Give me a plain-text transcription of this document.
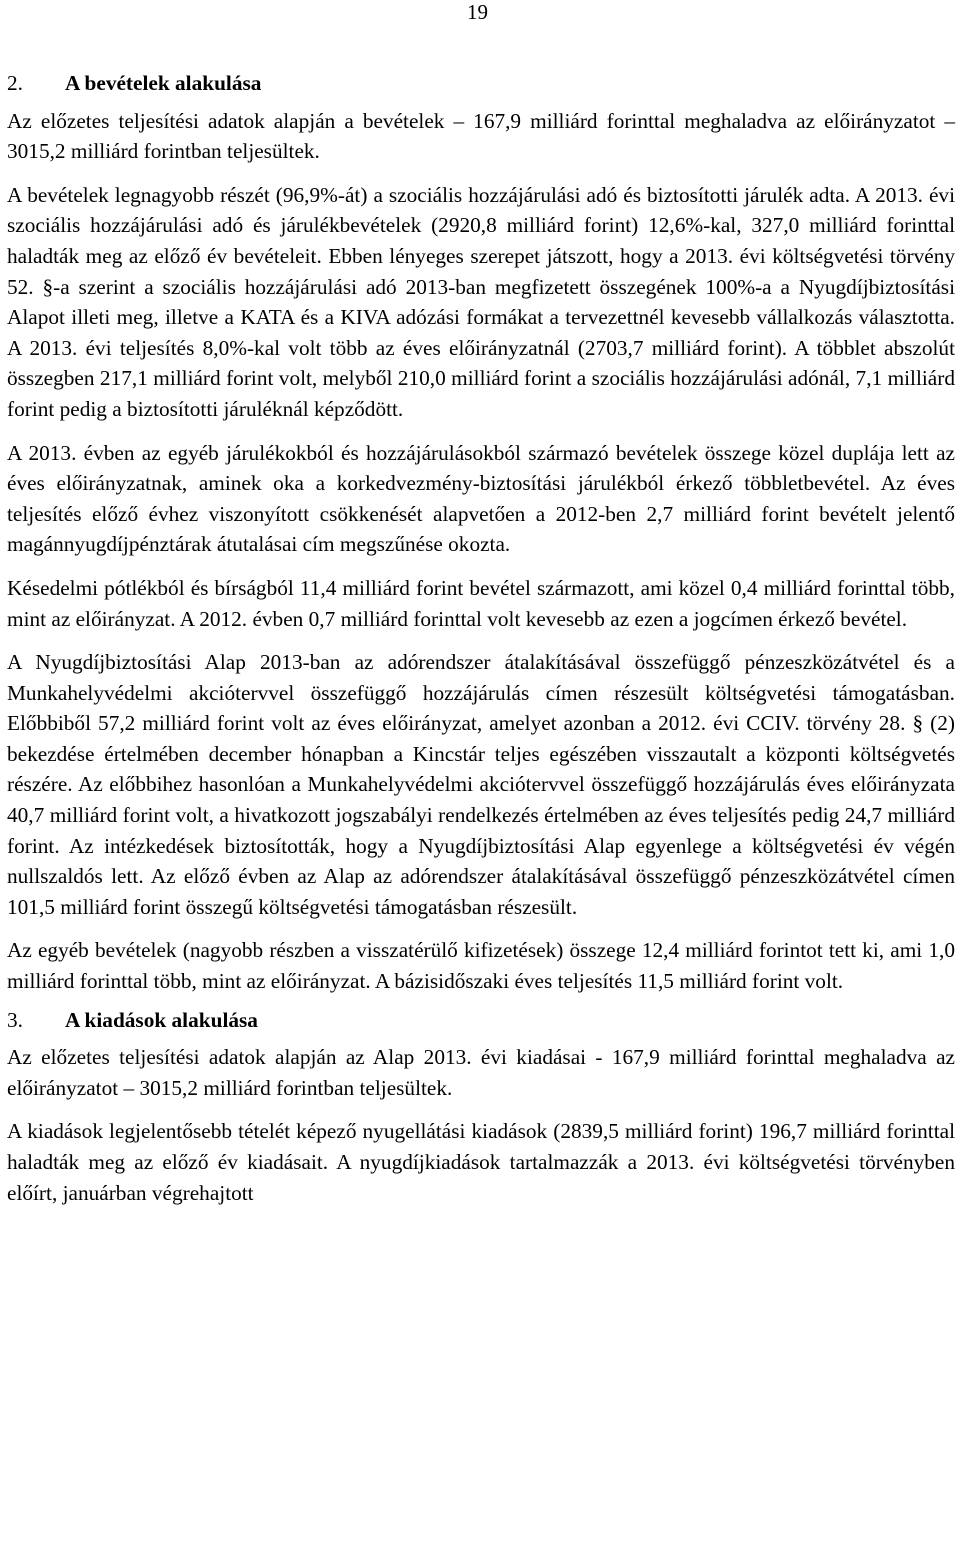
19
2. A bevételek alakulása

Az előzetes teljesítési adatok alapján a bevételek – 167,9 milliárd forinttal meghaladva az előirányzatot – 3015,2 milliárd forintban teljesültek.

A bevételek legnagyobb részét (96,9%-át) a szociális hozzájárulási adó és biztosítotti járulék adta. A 2013. évi szociális hozzájárulási adó és járulékbevételek (2920,8 milliárd forint) 12,6%-kal, 327,0 milliárd forinttal haladták meg az előző év bevételeit. Ebben lényeges szerepet játszott, hogy a 2013. évi költségvetési törvény 52. §-a szerint a szociális hozzájárulási adó 2013-ban megfizetett összegének 100%-a a Nyugdíjbiztosítási Alapot illeti meg, illetve a KATA és a KIVA adózási formákat a tervezettnél kevesebb vállalkozás választotta. A 2013. évi teljesítés 8,0%-kal volt több az éves előirányzatnál (2703,7 milliárd forint). A többlet abszolút összegben 217,1 milliárd forint volt, melyből 210,0 milliárd forint a szociális hozzájárulási adónál, 7,1 milliárd forint pedig a biztosítotti járuléknál képződött.

A 2013. évben az egyéb járulékokból és hozzájárulásokból származó bevételek összege közel duplája lett az éves előirányzatnak, aminek oka a korkedvezmény-biztosítási járulékból érkező többletbevétel. Az éves teljesítés előző évhez viszonyított csökkenését alapvetően a 2012-ben 2,7 milliárd forint bevételt jelentő magánnyugdíjpénztárak átutalásai cím megszűnése okozta.

Késedelmi pótlékból és bírságból 11,4 milliárd forint bevétel származott, ami közel 0,4 milliárd forinttal több, mint az előirányzat. A 2012. évben 0,7 milliárd forinttal volt kevesebb az ezen a jogcímen érkező bevétel.

A Nyugdíjbiztosítási Alap 2013-ban az adórendszer átalakításával összefüggő pénzeszközátvétel és a Munkahelyvédelmi akciótervvel összefüggő hozzájárulás címen részesült költségvetési támogatásban. Előbbiből 57,2 milliárd forint volt az éves előirányzat, amelyet azonban a 2012. évi CCIV. törvény 28. § (2) bekezdése értelmében december hónapban a Kincstár teljes egészében visszautalt a központi költségvetés részére. Az előbbihez hasonlóan a Munkahelyvédelmi akciótervvel összefüggő hozzájárulás éves előirányzata 40,7 milliárd forint volt, a hivatkozott jogszabályi rendelkezés értelmében az éves teljesítés pedig 24,7 milliárd forint. Az intézkedések biztosították, hogy a Nyugdíjbiztosítási Alap egyenlege a költségvetési év végén nullszaldós lett. Az előző évben az Alap az adórendszer átalakításával összefüggő pénzeszközátvétel címen 101,5 milliárd forint összegű költségvetési támogatásban részesült.

Az egyéb bevételek (nagyobb részben a visszatérülő kifizetések) összege 12,4 milliárd forintot tett ki, ami 1,0 milliárd forinttal több, mint az előirányzat. A bázisidőszaki éves teljesítés 11,5 milliárd forint volt.

3. A kiadások alakulása

Az előzetes teljesítési adatok alapján az Alap 2013. évi kiadásai - 167,9 milliárd forinttal meghaladva az előirányzatot – 3015,2 milliárd forintban teljesültek.

A kiadások legjelentősebb tételét képező nyugellátási kiadások (2839,5 milliárd forint) 196,7 milliárd forinttal haladták meg az előző év kiadásait. A nyugdíjkiadások tartalmazzák a 2013. évi költségvetési törvényben előírt, januárban végrehajtott
